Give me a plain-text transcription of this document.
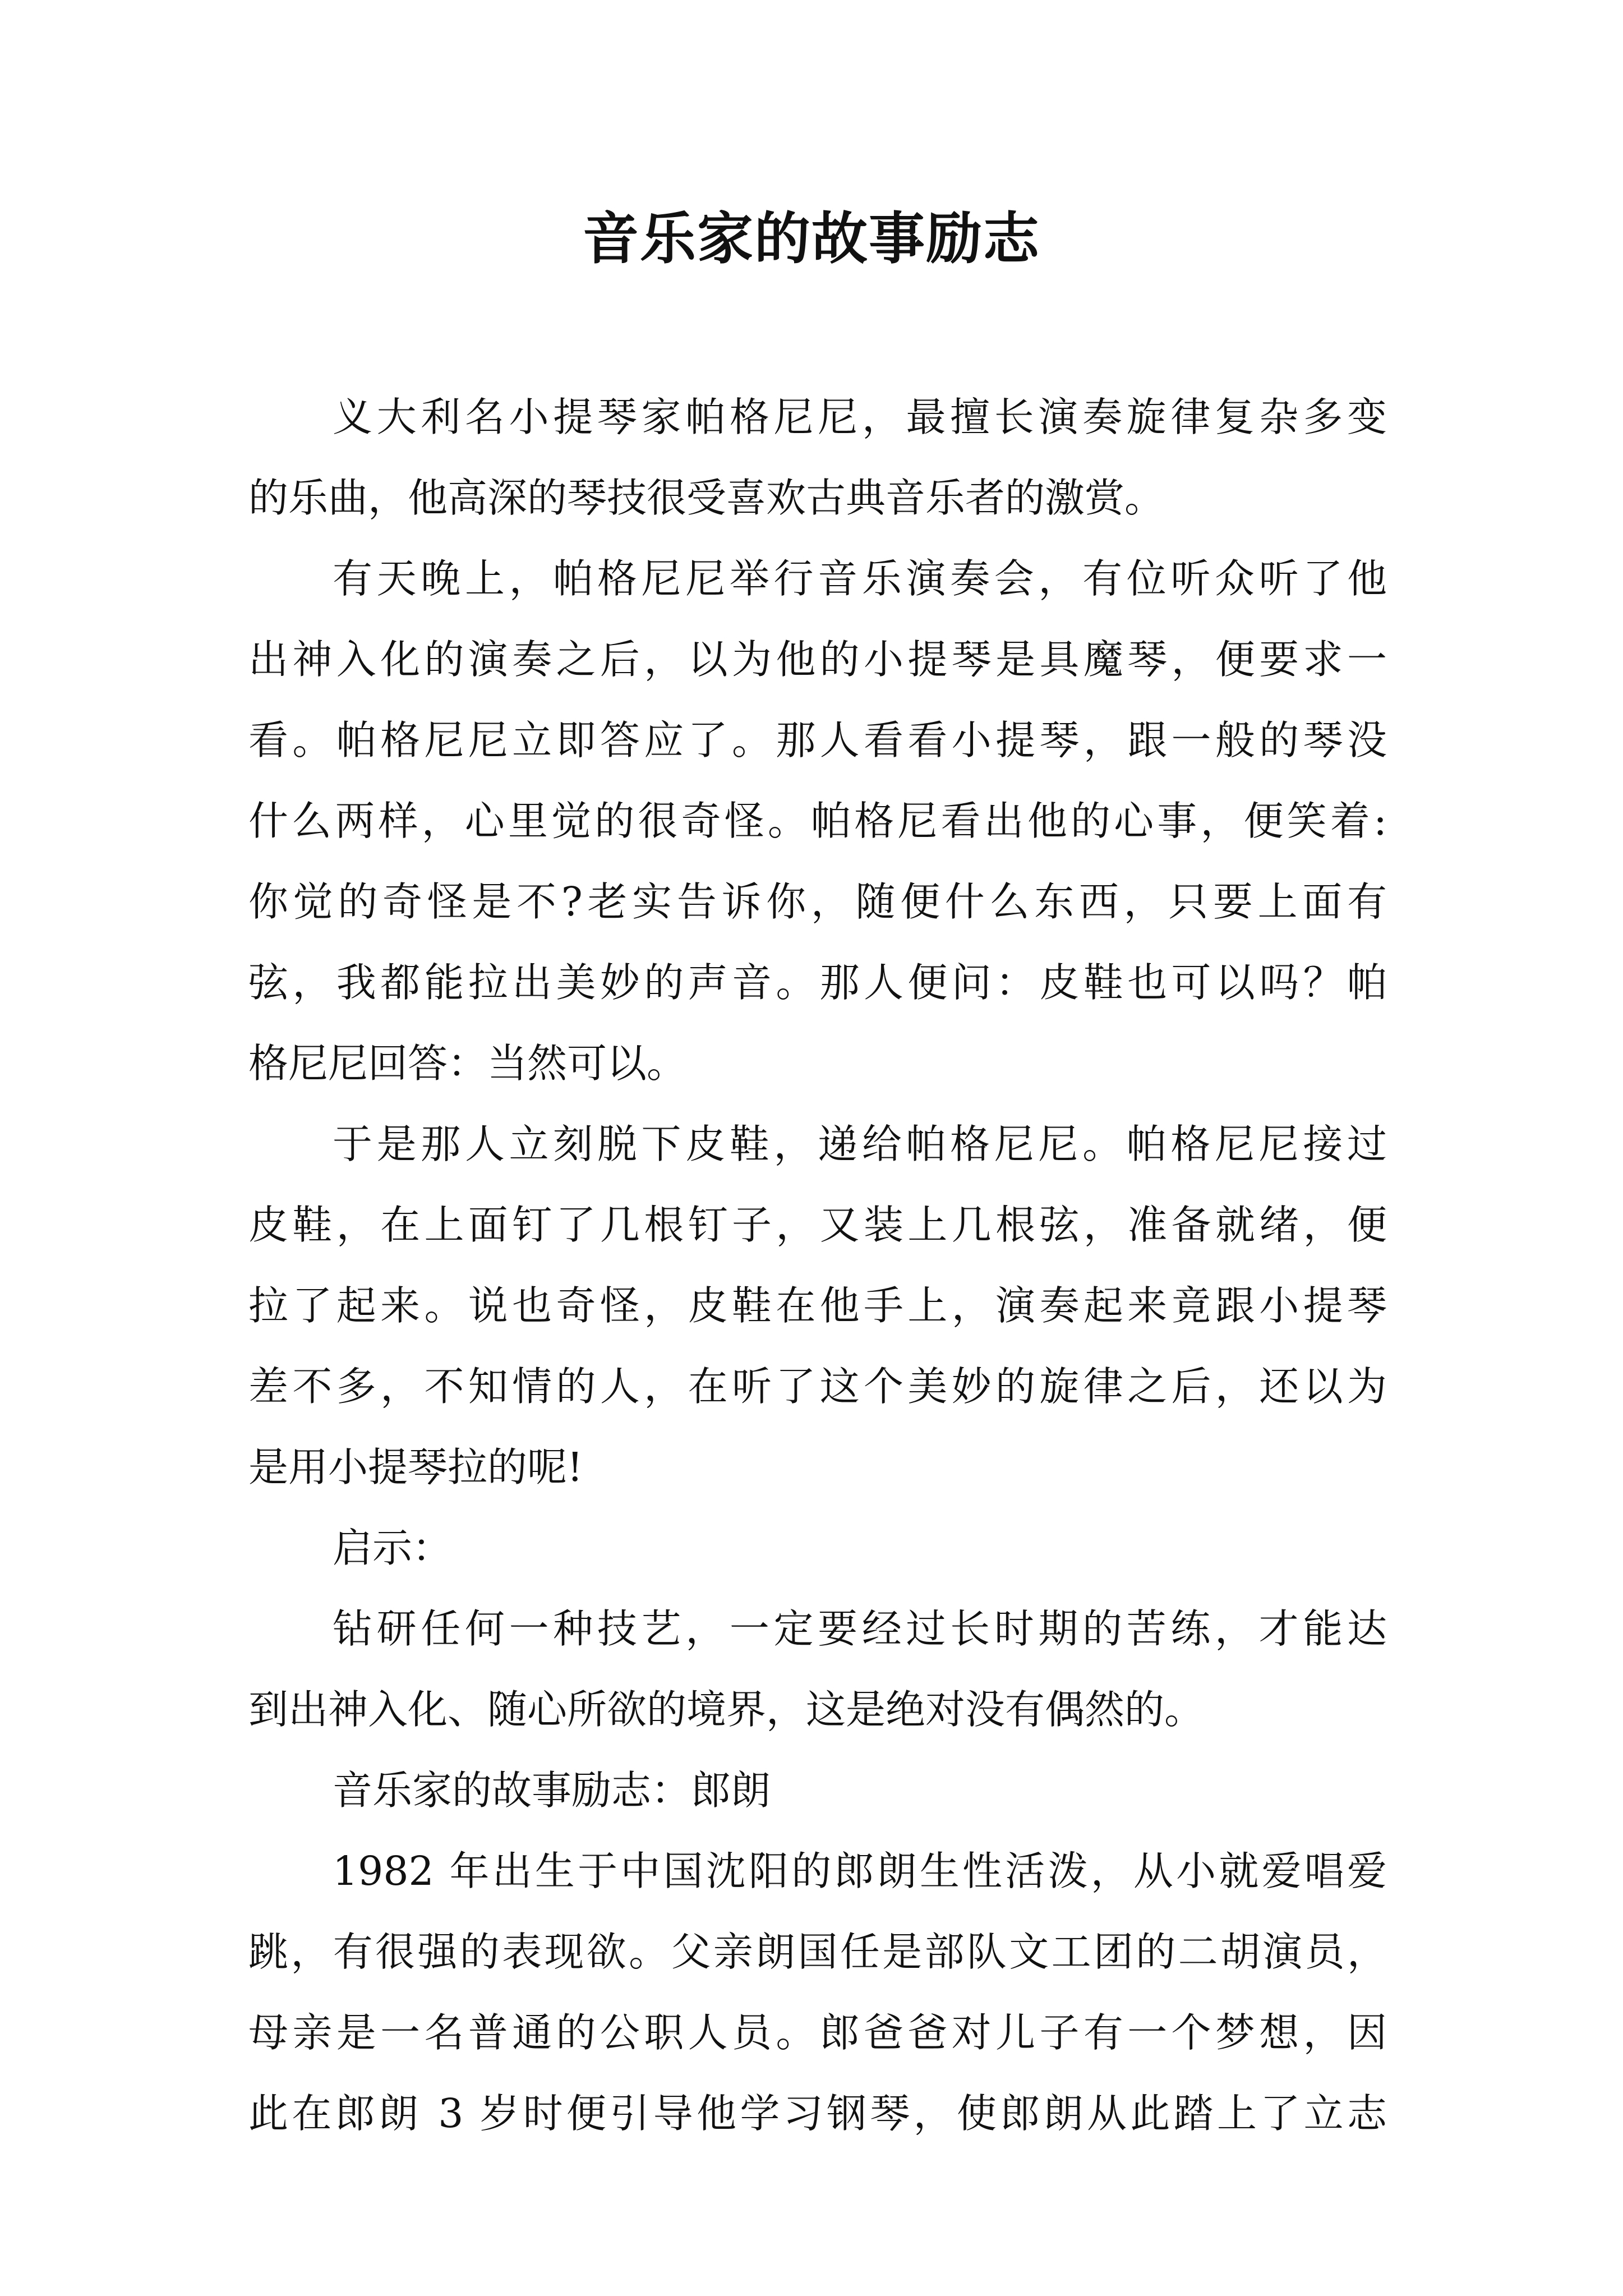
音乐家的故事励志
义大利名小提琴家帕格尼尼，最擅长演奏旋律复杂多变
的乐曲，他高深的琴技很受喜欢古典音乐者的激赏。
有天晚上，帕格尼尼举行音乐演奏会，有位听众听了他
出神入化的演奏之后，以为他的小提琴是具魔琴，便要求一
看。帕格尼尼立即答应了。那人看看小提琴，跟一般的琴没
什么两样，心里觉的很奇怪。帕格尼看出他的心事，便笑着:
你觉的奇怪是不?老实告诉你，随便什么东西，只要上面有
弦，我都能拉出美妙的声音。那人便问：皮鞋也可以吗？帕
格尼尼回答：当然可以。
于是那人立刻脱下皮鞋，递给帕格尼尼。帕格尼尼接过
皮鞋，在上面钉了几根钉子，又装上几根弦，准备就绪，便
拉了起来。说也奇怪，皮鞋在他手上，演奏起来竟跟小提琴
差不多，不知情的人，在听了这个美妙的旋律之后，还以为
是用小提琴拉的呢!
启示：
钻研任何一种技艺，一定要经过长时期的苦练，才能达
到出神入化、随心所欲的境界，这是绝对没有偶然的。
音乐家的故事励志：郎朗
1982 年出生于中国沈阳的郎朗生性活泼，从小就爱唱爱
跳，有很强的表现欲。父亲朗国任是部队文工团的二胡演员，
母亲是一名普通的公职人员。郎爸爸对儿子有一个梦想，因
此在郎朗 3 岁时便引导他学习钢琴，使郎朗从此踏上了立志
